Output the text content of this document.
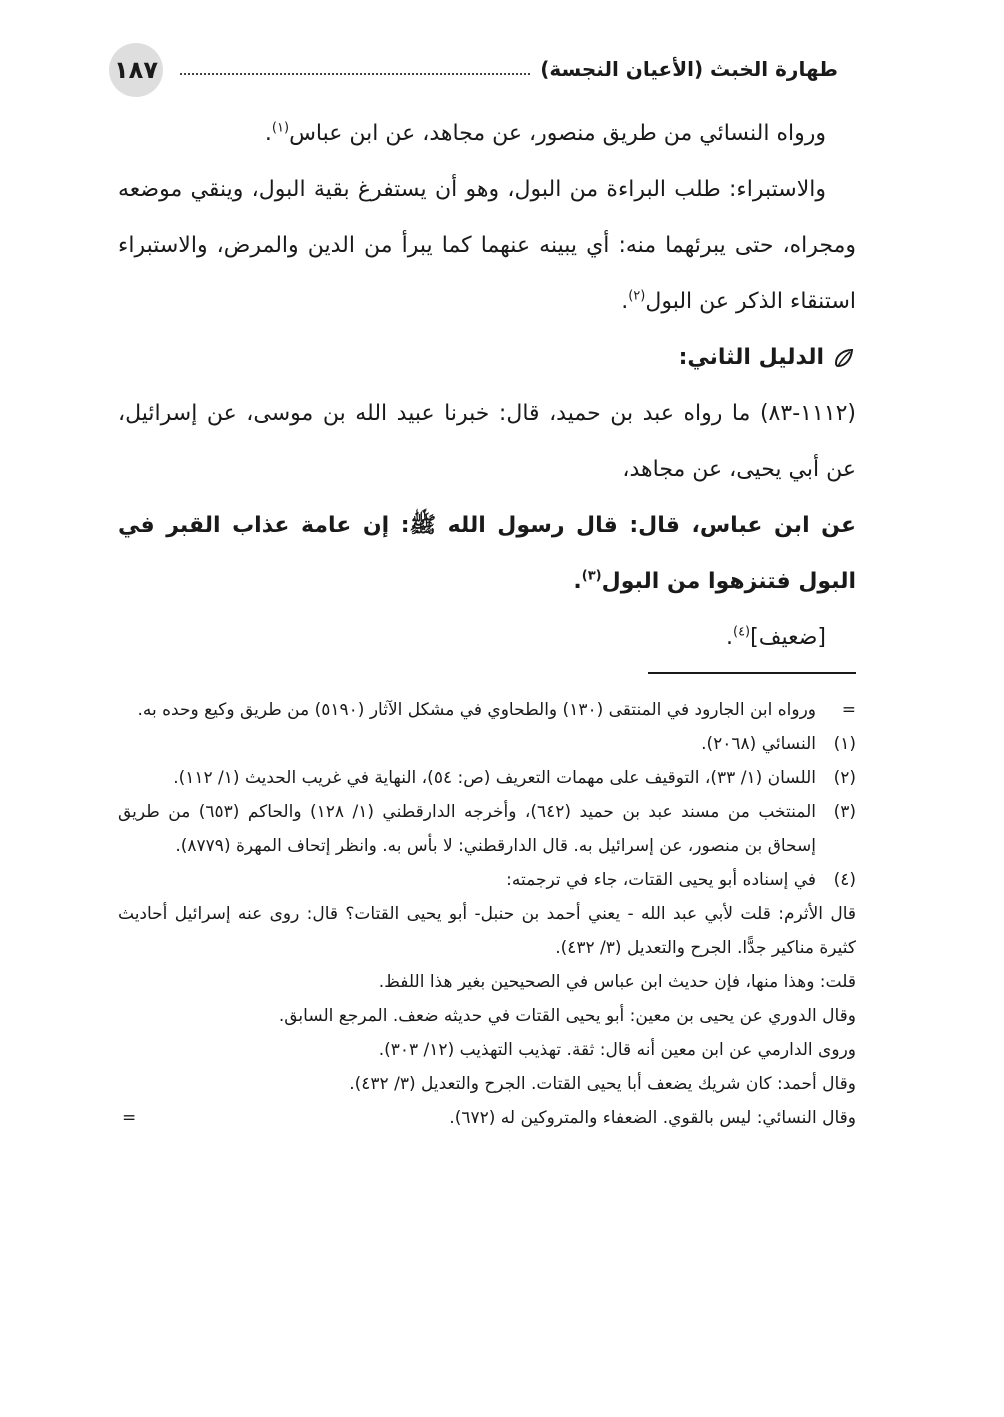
١٨٧	طهارة الخبث (الأعيان النجسة)

ورواه النسائي من طريق منصور، عن مجاهد، عن ابن عباس$^{(١)}$.

والاستبراء: طلب البراءة من البول، وهو أن يستفرغ بقية البول، وينقي موضعه ومجراه، حتى يبرئهما منه: أي يبينه عنهما كما يبرأ من الدين والمرض، والاستبراء استنقاء الذكر عن البول$^{(٢)}$.

الدليل الثاني:

(١١١٢-٨٣) ما رواه عبد بن حميد، قال: خبرنا عبيد الله بن موسى، عن إسرائيل، عن أبي يحيى، عن مجاهد،

عن ابن عباس، قال: قال رسول الله ﷺ: إن عامة عذاب القبر في البول فتنزهوا من البول$^{(٣)}$.

[ضعيف]$^{(٤)}$.

=
ورواه ابن الجارود في المنتقى (١٣٠) والطحاوي في مشكل الآثار (٥١٩٠) من طريق وكيع وحده به.
(١)
النسائي (٢٠٦٨).
(٢)
اللسان (١/ ٣٣)، التوقيف على مهمات التعريف (ص: ٥٤)، النهاية في غريب الحديث (١/ ١١٢).
(٣)
المنتخب من مسند عبد بن حميد (٦٤٢)، وأخرجه الدارقطني (١/ ١٢٨) والحاكم (٦٥٣) من طريق إسحاق بن منصور، عن إسرائيل به. قال الدارقطني: لا بأس به. وانظر إتحاف المهرة (٨٧٧٩).
(٤)
في إسناده أبو يحيى القتات، جاء في ترجمته:
قال الأثرم: قلت لأبي عبد الله - يعني أحمد بن حنبل- أبو يحيى القتات؟ قال: روى عنه إسرائيل أحاديث كثيرة مناكير جدًّا. الجرح والتعديل (٣/ ٤٣٢).
قلت: وهذا منها، فإن حديث ابن عباس في الصحيحين بغير هذا اللفظ.
وقال الدوري عن يحيى بن معين: أبو يحيى القتات في حديثه ضعف. المرجع السابق.
وروى الدارمي عن ابن معين أنه قال: ثقة. تهذيب التهذيب (١٢/ ٣٠٣).
وقال أحمد: كان شريك يضعف أبا يحيى القتات. الجرح والتعديل (٣/ ٤٣٢).
وقال النسائي: ليس بالقوي. الضعفاء والمتروكين له (٦٧٢).
=
